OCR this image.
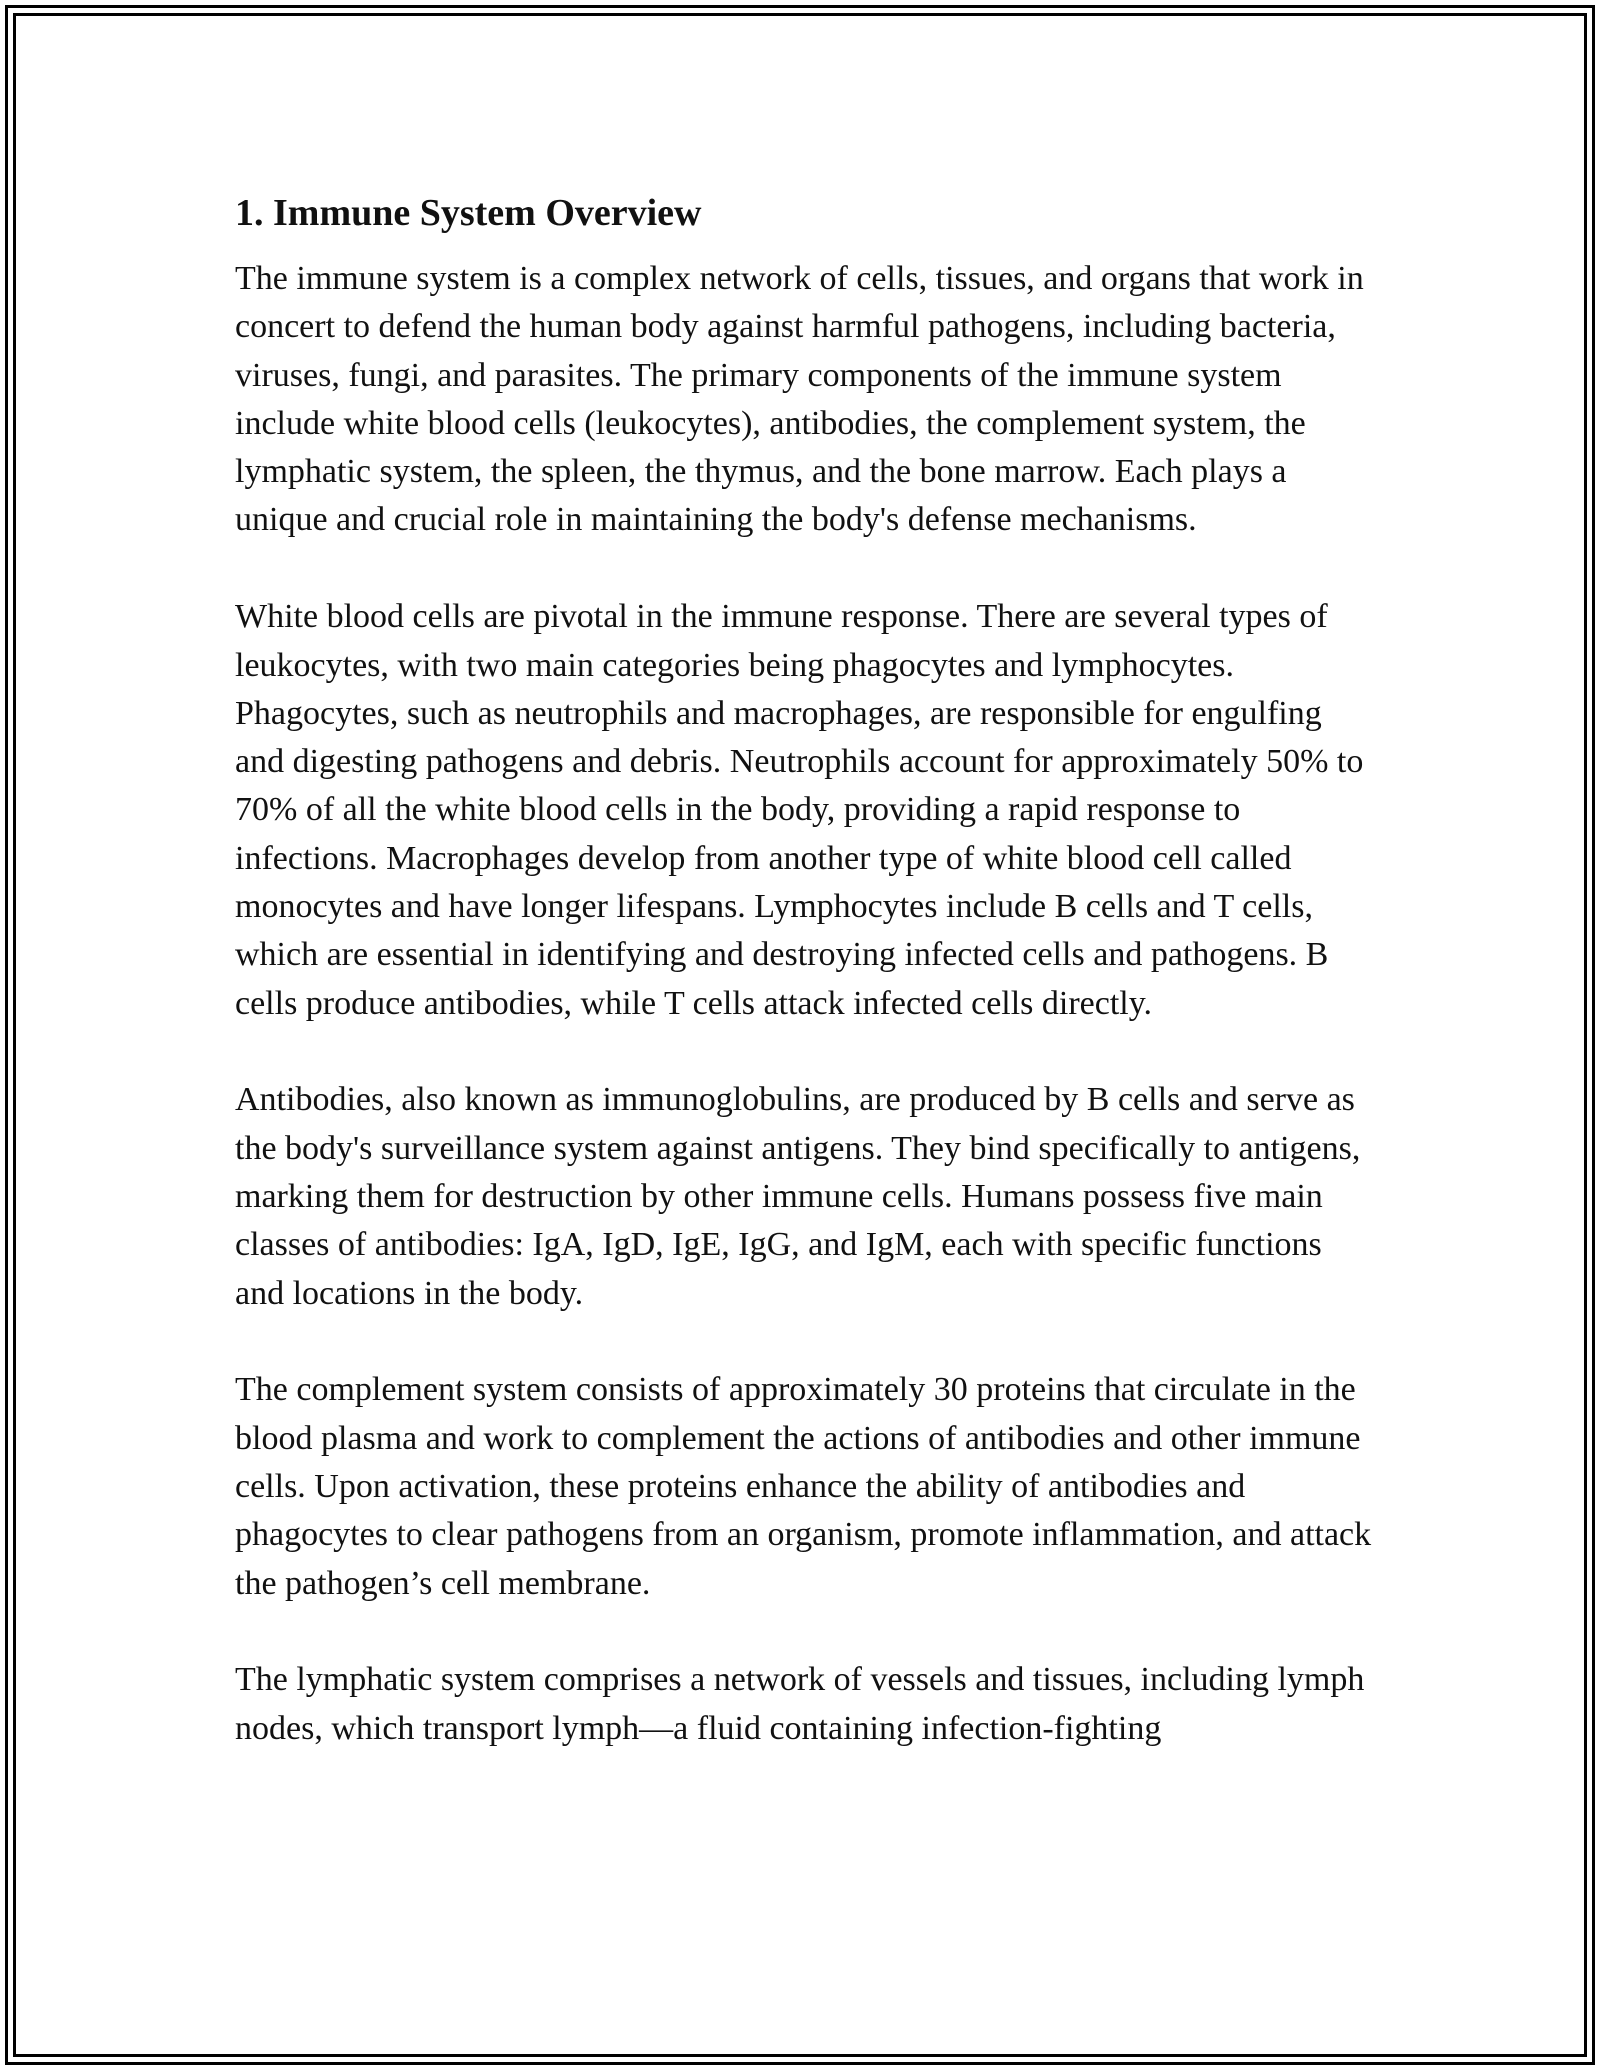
1. Immune System Overview

The immune system is a complex network of cells, tissues, and organs that work in concert to defend the human body against harmful pathogens, including bacteria, viruses, fungi, and parasites. The primary components of the immune system include white blood cells (leukocytes), antibodies, the complement system, the lymphatic system, the spleen, the thymus, and the bone marrow. Each plays a unique and crucial role in maintaining the body's defense mechanisms.

White blood cells are pivotal in the immune response. There are several types of leukocytes, with two main categories being phagocytes and lymphocytes. Phagocytes, such as neutrophils and macrophages, are responsible for engulfing and digesting pathogens and debris. Neutrophils account for approximately 50% to 70% of all the white blood cells in the body, providing a rapid response to infections. Macrophages develop from another type of white blood cell called monocytes and have longer lifespans. Lymphocytes include B cells and T cells, which are essential in identifying and destroying infected cells and pathogens. B cells produce antibodies, while T cells attack infected cells directly.

Antibodies, also known as immunoglobulins, are produced by B cells and serve as the body's surveillance system against antigens. They bind specifically to antigens, marking them for destruction by other immune cells. Humans possess five main classes of antibodies: IgA, IgD, IgE, IgG, and IgM, each with specific functions and locations in the body.

The complement system consists of approximately 30 proteins that circulate in the blood plasma and work to complement the actions of antibodies and other immune cells. Upon activation, these proteins enhance the ability of antibodies and phagocytes to clear pathogens from an organism, promote inflammation, and attack the pathogen’s cell membrane.

The lymphatic system comprises a network of vessels and tissues, including lymph nodes, which transport lymph—a fluid containing infection-fighting
